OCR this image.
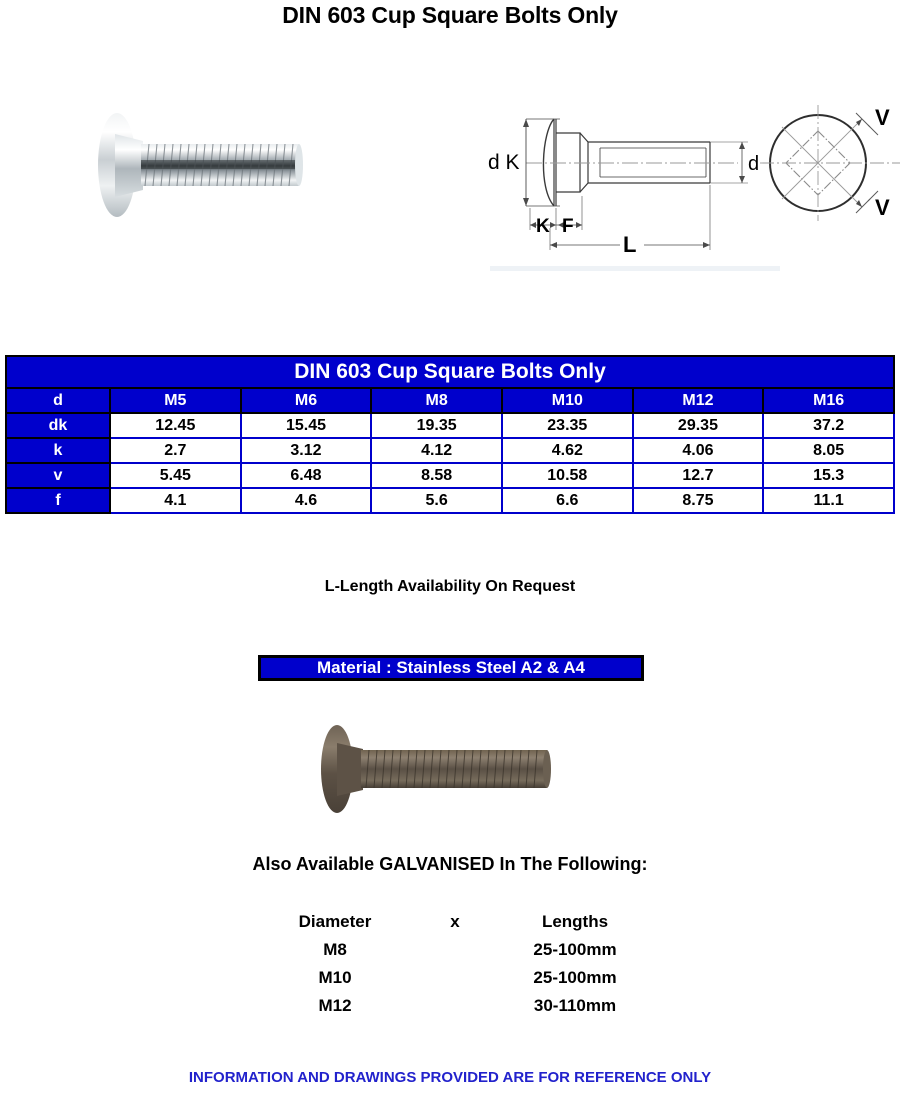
DIN 603 Cup Square Bolts Only
d K
K F
L
d
V
V
DIN 603 Cup Square Bolts Only						
d	M5	M6	M8	M10	M12	M16
dk	12.45	15.45	19.35	23.35	29.35	37.2
k	2.7	3.12	4.12	4.62	4.06	8.05
v	5.45	6.48	8.58	10.58	12.7	15.3
f	4.1	4.6	5.6	6.6	8.75	11.1
L-Length Availability On Request
Material : Stainless Steel A2 & A4
Also Available GALVANISED In The Following:
Diameter	x	Lengths
M8		25-100mm
M10		25-100mm
M12		30-110mm
INFORMATION AND DRAWINGS PROVIDED ARE FOR REFERENCE ONLY
